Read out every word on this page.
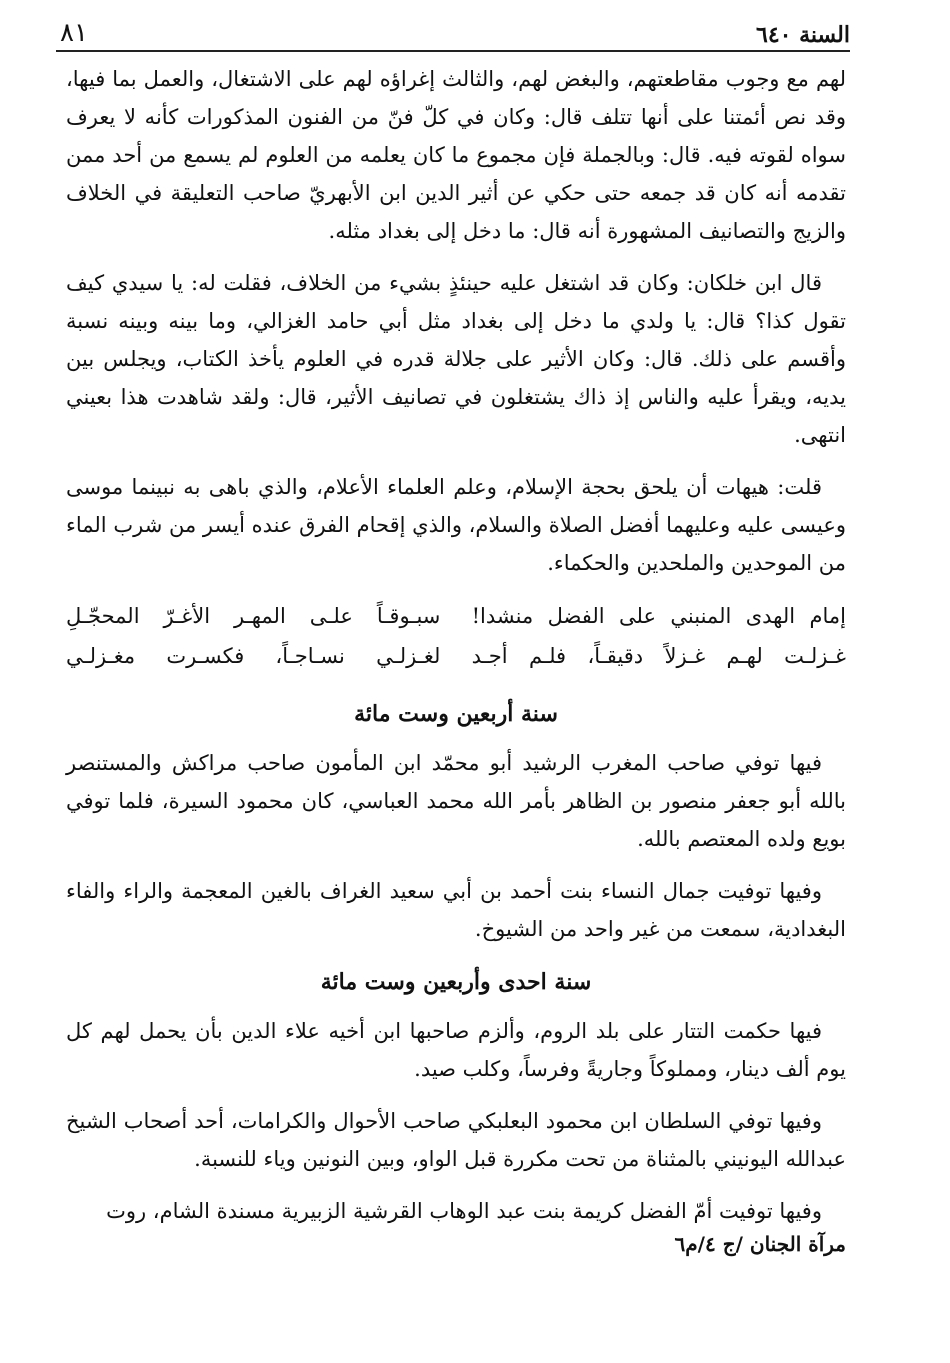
السنة ٦٤٠
٨١

لهم مع وجوب مقاطعتهم، والبغض لهم، والثالث إغراؤه لهم على الاشتغال، والعمل بما فيها، وقد نص أئمتنا على أنها تتلف قال: وكان في كلّ فنّ من الفنون المذكورات كأنه لا يعرف سواه لقوته فيه. قال: وبالجملة فإن مجموع ما كان يعلمه من العلوم لم يسمع من أحد ممن تقدمه أنه كان قد جمعه حتى حكي عن أثير الدين ابن الأبهريّ صاحب التعليقة في الخلاف والزيج والتصانيف المشهورة أنه قال: ما دخل إلى بغداد مثله.

قال ابن خلكان: وكان قد اشتغل عليه حينئذٍ بشيء من الخلاف، فقلت له: يا سيدي كيف تقول كذا؟ قال: يا ولدي ما دخل إلى بغداد مثل أبي حامد الغزالي، وما بينه وبينه نسبة وأقسم على ذلك. قال: وكان الأثير على جلالة قدره في العلوم يأخذ الكتاب، ويجلس بين يديه، ويقرأ عليه والناس إذ ذاك يشتغلون في تصانيف الأثير، قال: ولقد شاهدت هذا بعيني انتهى.

قلت: هيهات أن يلحق بحجة الإسلام، وعلم العلماء الأعلام، والذي باهى به نبينما موسى وعيسى عليه وعليهما أفضل الصلاة والسلام، والذي إقحام الفرق عنده أيسر من شرب الماء من الموحدين والملحدين والحكماء.

إمام الهدى المنبني على الفضل منشدا!
سبـوقـاً علـى المهـر الأغـرّ المحجّـلِ
غـزلـت لهـم غـزلاً دقيقـاً، فلـم أجـد
لغـزلـي نسـاجـاً، فكسـرت مغـزلـي
سنة أربعين وست مائة

فيها توفي صاحب المغرب الرشيد أبو محمّد ابن المأمون صاحب مراكش والمستنصر بالله أبو جعفر منصور بن الظاهر بأمر الله محمد العباسي، كان محمود السيرة، فلما توفي بويع ولده المعتصم بالله.

وفيها توفيت جمال النساء بنت أحمد بن أبي سعيد الغراف بالغين المعجمة والراء والفاء البغدادية، سمعت من غير واحد من الشيوخ.

سنة احدى وأربعين وست مائة

فيها حكمت التتار على بلد الروم، وألزم صاحبها ابن أخيه علاء الدين بأن يحمل لهم كل يوم ألف دينار، ومملوكاً وجاريةً وفرساً، وكلب صيد.

وفيها توفي السلطان ابن محمود البعلبكي صاحب الأحوال والكرامات، أحد أصحاب الشيخ عبدالله اليونيني بالمثناة من تحت مكررة قبل الواو، وبين النونين وياء للنسبة.

وفيها توفيت أمّ الفضل كريمة بنت عبد الوهاب القرشية الزبيرية مسندة الشام، روت

مرآة الجنان /ج ٤/م٦
